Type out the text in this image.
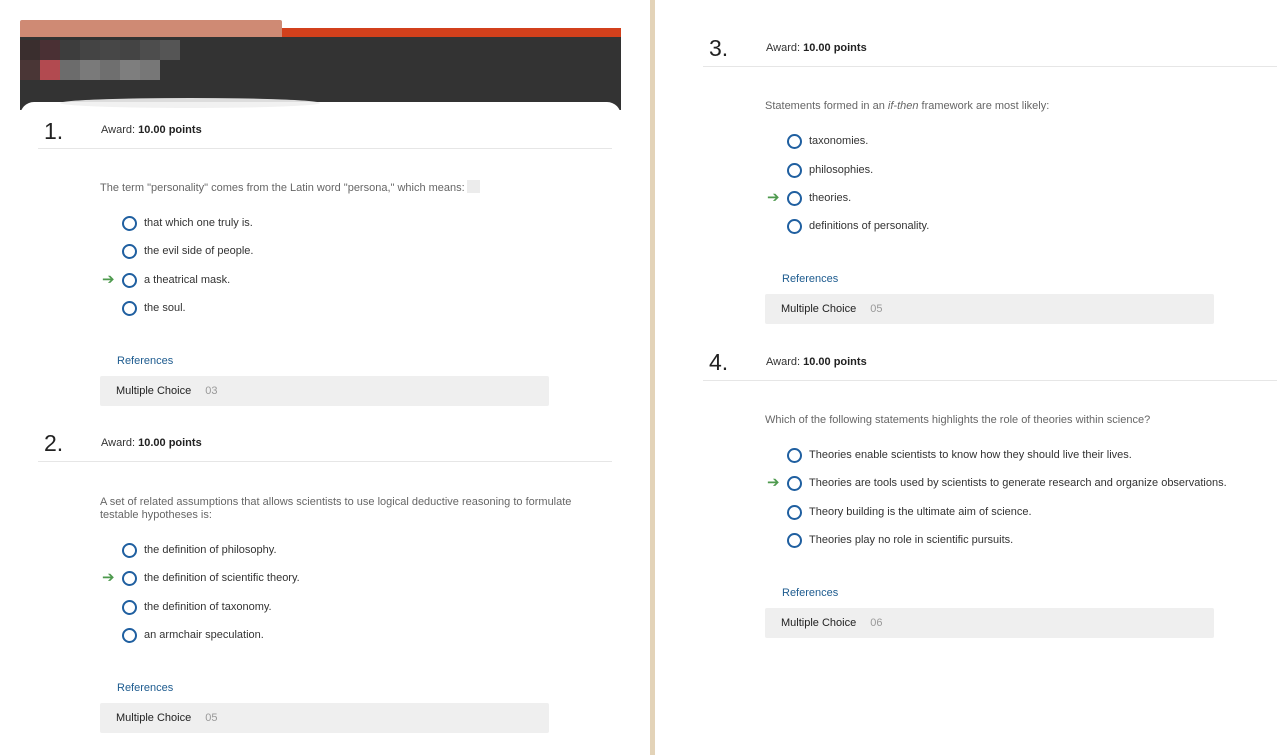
1.	Award: 10.00 points
The term "personality" comes from the Latin word "persona," which means:
➔
that which one truly is.
the evil side of people.
a theatrical mask.
the soul.
References
Multiple Choice 03
2.	Award: 10.00 points
A set of related assumptions that allows scientists to use logical deductive reasoning to formulate testable hypotheses is:
➔
the definition of philosophy.
the definition of scientific theory.
the definition of taxonomy.
an armchair speculation.
References
Multiple Choice 05
3.	Award: 10.00 points
Statements formed in an if-then framework are most likely:
➔
taxonomies.
philosophies.
theories.
definitions of personality.
References
Multiple Choice 05
4.	Award: 10.00 points
Which of the following statements highlights the role of theories within science?
➔
Theories enable scientists to know how they should live their lives.
Theories are tools used by scientists to generate research and organize observations.
Theory building is the ultimate aim of science.
Theories play no role in scientific pursuits.
References
Multiple Choice 06
